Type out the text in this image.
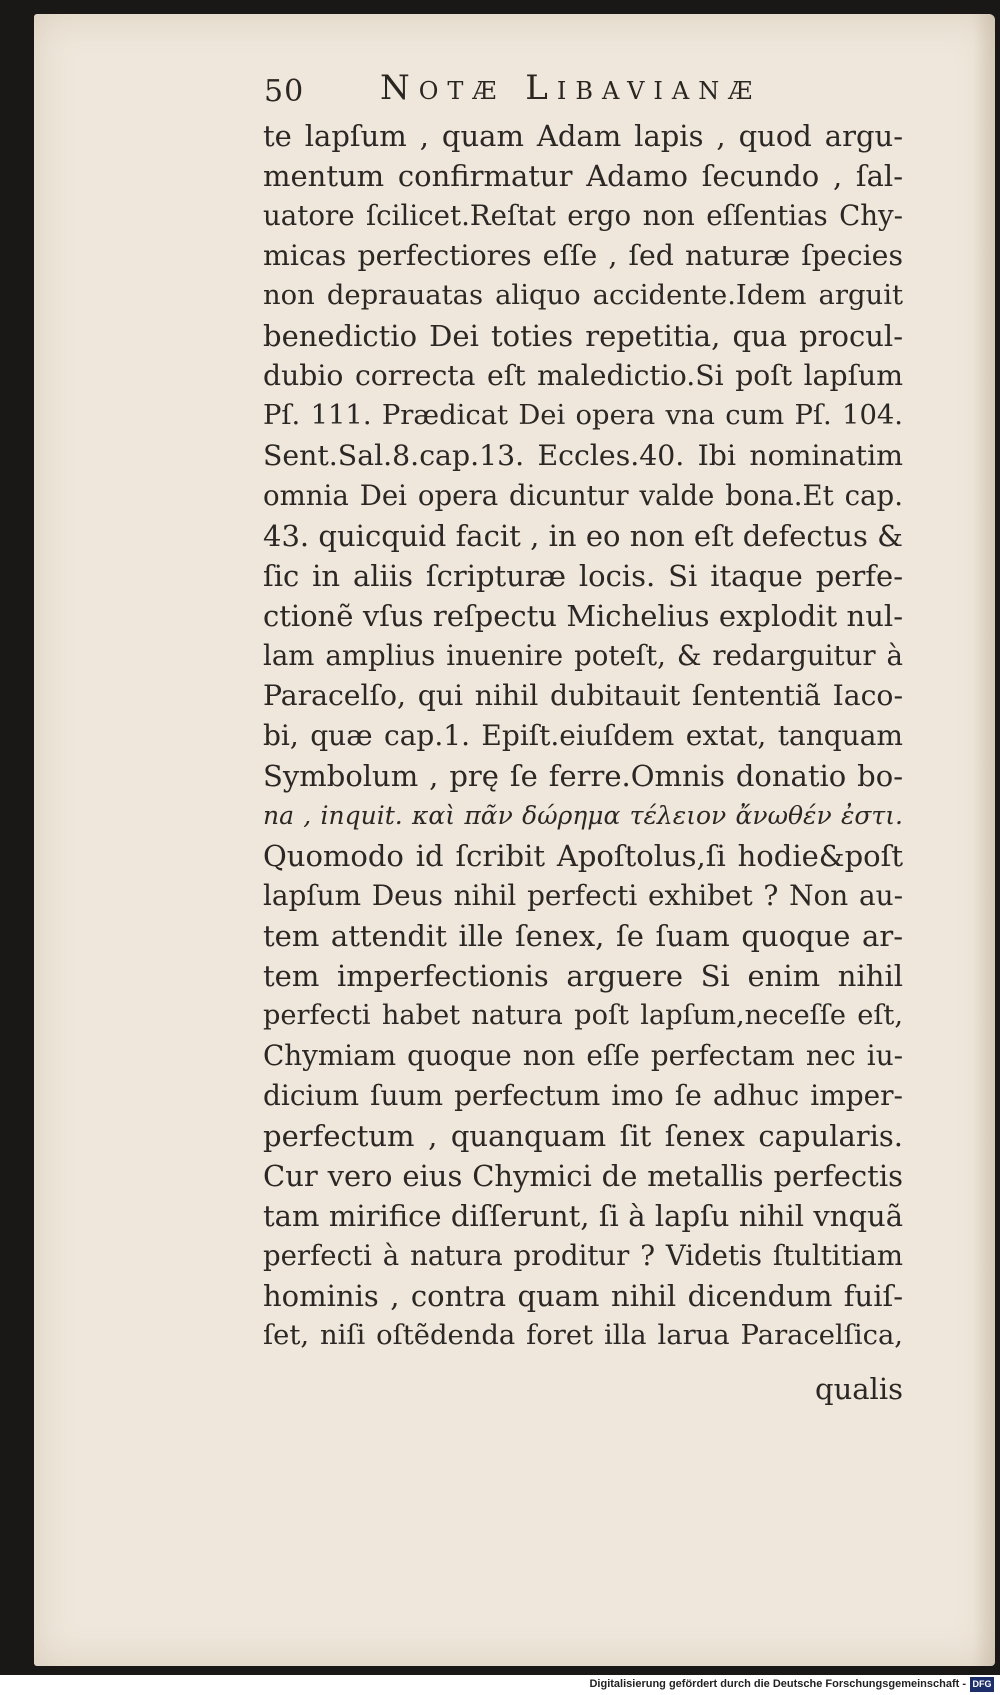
50 Notæ Libavianæ
te lapſum , quam Adam lapis , quod argu-
mentum confirmatur Adamo ſecundo , ſal-
uatore ſcilicet.Reſtat ergo non eſſentias Chy-
micas perfectiores eſſe , ſed naturæ ſpecies
non deprauatas aliquo accidente.Idem arguit
benedictio Dei toties repetitia, qua procul-
dubio correcta eſt maledictio.Si poſt lapſum
Pſ. 111. Prædicat Dei opera vna cum Pſ. 104.
Sent.Sal.8.cap.13. Eccles.40. Ibi nominatim
omnia Dei opera dicuntur valde bona.Et cap.
43. quicquid facit , in eo non eſt defectus &
ſic in aliis ſcripturæ locis. Si itaque perfe-
ctionẽ vſus reſpectu Michelius explodit nul-
lam amplius inuenire poteſt, & redarguitur à
Paracelſo, qui nihil dubitauit ſententiã Iaco-
bi, quæ cap.1. Epiſt.eiuſdem extat, tanquam
Symbolum , prę ſe ferre.Omnis donatio bo-
na , inquit. καὶ πᾶν δώρημα τέλειον ἄνωθέν ἐστι.
Quomodo id ſcribit Apoſtolus,ſi hodie&poſt
lapſum Deus nihil perfecti exhibet ? Non au-
tem attendit ille ſenex, ſe ſuam quoque ar-
tem imperfectionis arguere Si enim nihil
perfecti habet natura poſt lapſum,neceſſe eſt,
Chymiam quoque non eſſe perfectam nec iu-
dicium ſuum perfectum imo ſe adhuc imper-
perfectum , quanquam ſit ſenex capularis.
Cur vero eius Chymici de metallis perfectis
tam mirifice diſſerunt, ſi à lapſu nihil vnquã
perfecti à natura proditur ? Videtis ſtultitiam
hominis , contra quam nihil dicendum fuiſ-
ſet, niſi oſtẽdenda foret illa larua Paracelſica,
qualis
Digitalisierung gefördert durch die Deutsche Forschungsgemeinschaft - DFG
